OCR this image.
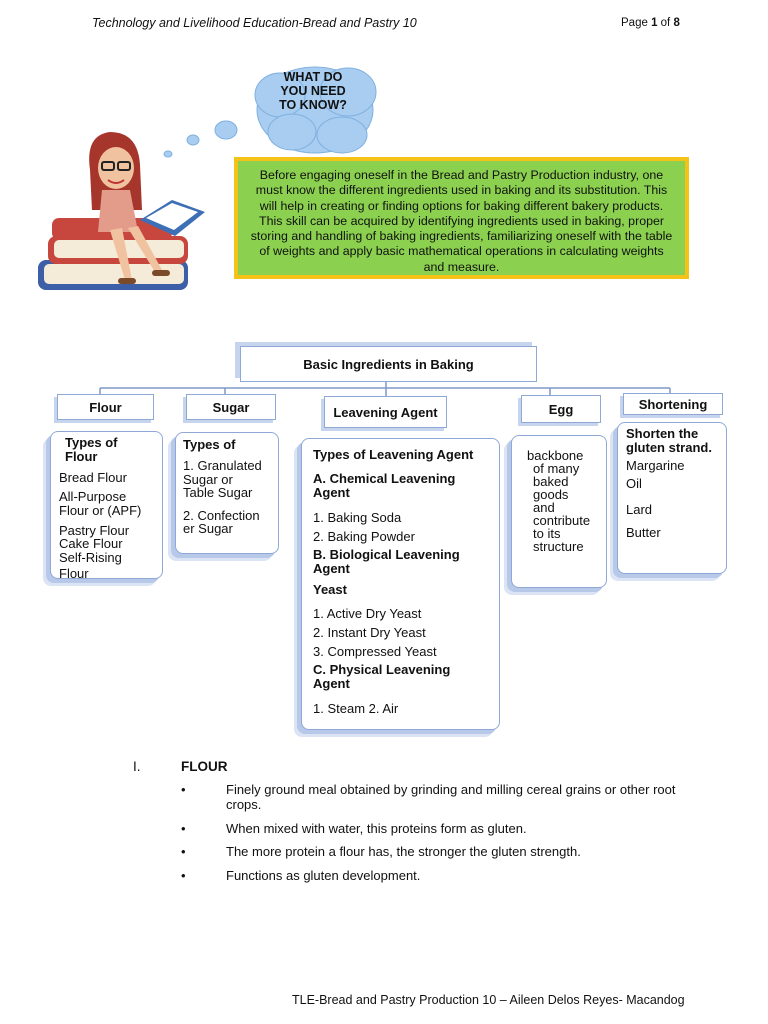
Technology and Livelihood Education-Bread and Pastry 10	Page 1 of 8
WHAT DO
YOU NEED
TO KNOW?
Before engaging oneself in the Bread and Pastry Production industry, one must know the different ingredients used in baking and its substitution. This will help in creating or finding options for baking different bakery products. This skill can be acquired by identifying ingredients used in baking, proper storing and handling of baking ingredients, familiarizing oneself with the table of weights and apply basic mathematical operations in calculating weights and measure.
Basic Ingredients in Baking
Flour	Sugar	Leavening Agent	Egg	Shortening
Types of
Flour
Bread Flour
All-Purpose
Flour or (APF)
Pastry Flour
Cake Flour
Self-Rising
Flour
Types of
1. Granulated
Sugar or
Table Sugar
2. Confection
er Sugar
Types of Leavening Agent
A. Chemical Leavening
Agent
1. Baking Soda
2. Baking Powder
B. Biological Leavening
Agent
Yeast
1. Active Dry Yeast
2. Instant Dry Yeast
3. Compressed Yeast
C. Physical Leavening
Agent
1. Steam 2. Air
backbone
of many
baked
goods
and
contribute
to its
structure
Shorten the
gluten strand.
Margarine
Oil
Lard
Butter
I.	FLOUR
•	Finely ground meal obtained by grinding and milling cereal grains or other root crops.
•	When mixed with water, this proteins form as gluten.
•	The more protein a flour has, the stronger the gluten strength.
•	Functions as gluten development.
TLE-Bread and Pastry Production 10 – Aileen Delos Reyes- Macandog
